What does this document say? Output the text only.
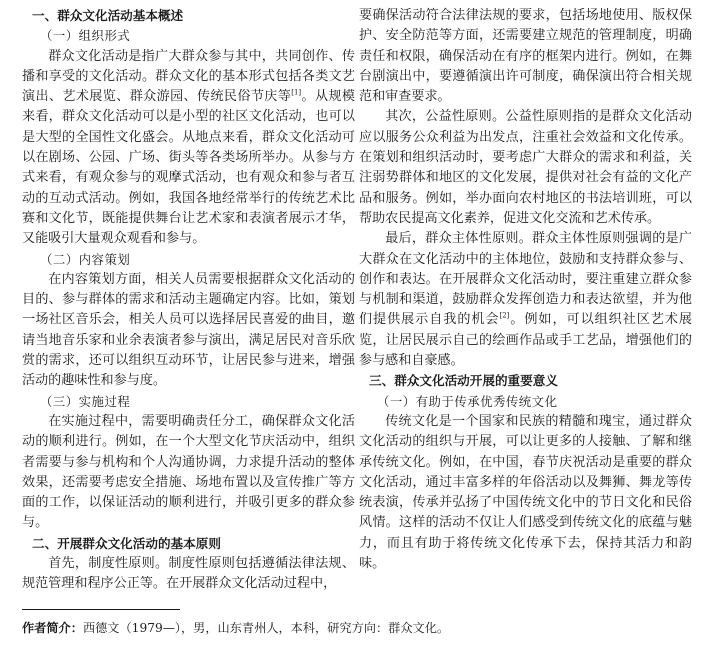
一、群众文化活动基本概述
（一）组织形式

群众文化活动是指广大群众参与其中，共同创作、传播和享受的文化活动。群众文化的基本形式包括各类文艺演出、艺术展览、群众游园、传统民俗节庆等[1]。从规模来看，群众文化活动可以是小型的社区文化活动，也可以是大型的全国性文化盛会。从地点来看，群众文化活动可以在剧场、公园、广场、街头等各类场所举办。从参与方式来看，有观众参与的观摩式活动，也有观众和参与者互动的互动式活动。例如，我国各地经常举行的传统艺术比赛和文化节，既能提供舞台让艺术家和表演者展示才华，又能吸引大量观众观看和参与。

（二）内容策划

在内容策划方面，相关人员需要根据群众文化活动的目的、参与群体的需求和活动主题确定内容。比如，策划一场社区音乐会，相关人员可以选择居民喜爱的曲目，邀请当地音乐家和业余表演者参与演出，满足居民对音乐欣赏的需求，还可以组织互动环节，让居民参与进来，增强活动的趣味性和参与度。

（三）实施过程

在实施过程中，需要明确责任分工，确保群众文化活动的顺利进行。例如，在一个大型文化节庆活动中，组织者需要与参与机构和个人沟通协调，力求提升活动的整体效果，还需要考虑安全措施、场地布置以及宣传推广等方面的工作，以保证活动的顺利进行，并吸引更多的群众参与。

二、开展群众文化活动的基本原则

首先，制度性原则。制度性原则包括遵循法律法规、规范管理和程序公正等。在开展群众文化活动过程中，

要确保活动符合法律法规的要求，包括场地使用、版权保护、安全防范等方面，还需要建立规范的管理制度，明确责任和权限，确保活动在有序的框架内进行。例如，在舞台剧演出中，要遵循演出许可制度，确保演出符合相关规范和审查要求。

其次，公益性原则。公益性原则指的是群众文化活动应以服务公众利益为出发点，注重社会效益和文化传承。在策划和组织活动时，要考虑广大群众的需求和利益，关注弱势群体和地区的文化发展，提供对社会有益的文化产品和服务。例如，举办面向农村地区的书法培训班，可以帮助农民提高文化素养，促进文化交流和艺术传承。

最后，群众主体性原则。群众主体性原则强调的是广大群众在文化活动中的主体地位，鼓励和支持群众参与、创作和表达。在开展群众文化活动时，要注重建立群众参与机制和渠道，鼓励群众发挥创造力和表达欲望，并为他们提供展示自我的机会[2]。例如，可以组织社区艺术展览，让居民展示自己的绘画作品或手工艺品，增强他们的参与感和自豪感。

三、群众文化活动开展的重要意义
（一）有助于传承优秀传统文化

传统文化是一个国家和民族的精髓和瑰宝，通过群众文化活动的组织与开展，可以让更多的人接触、了解和继承传统文化。例如，在中国，春节庆祝活动是重要的群众文化活动，通过丰富多样的年俗活动以及舞狮、舞龙等传统表演，传承并弘扬了中国传统文化中的节日文化和民俗风情。这样的活动不仅让人们感受到传统文化的底蕴与魅力，而且有助于将传统文化传承下去，保持其活力和韵味。

作者简介：西德文（1979—），男，山东青州人，本科，研究方向：群众文化。
